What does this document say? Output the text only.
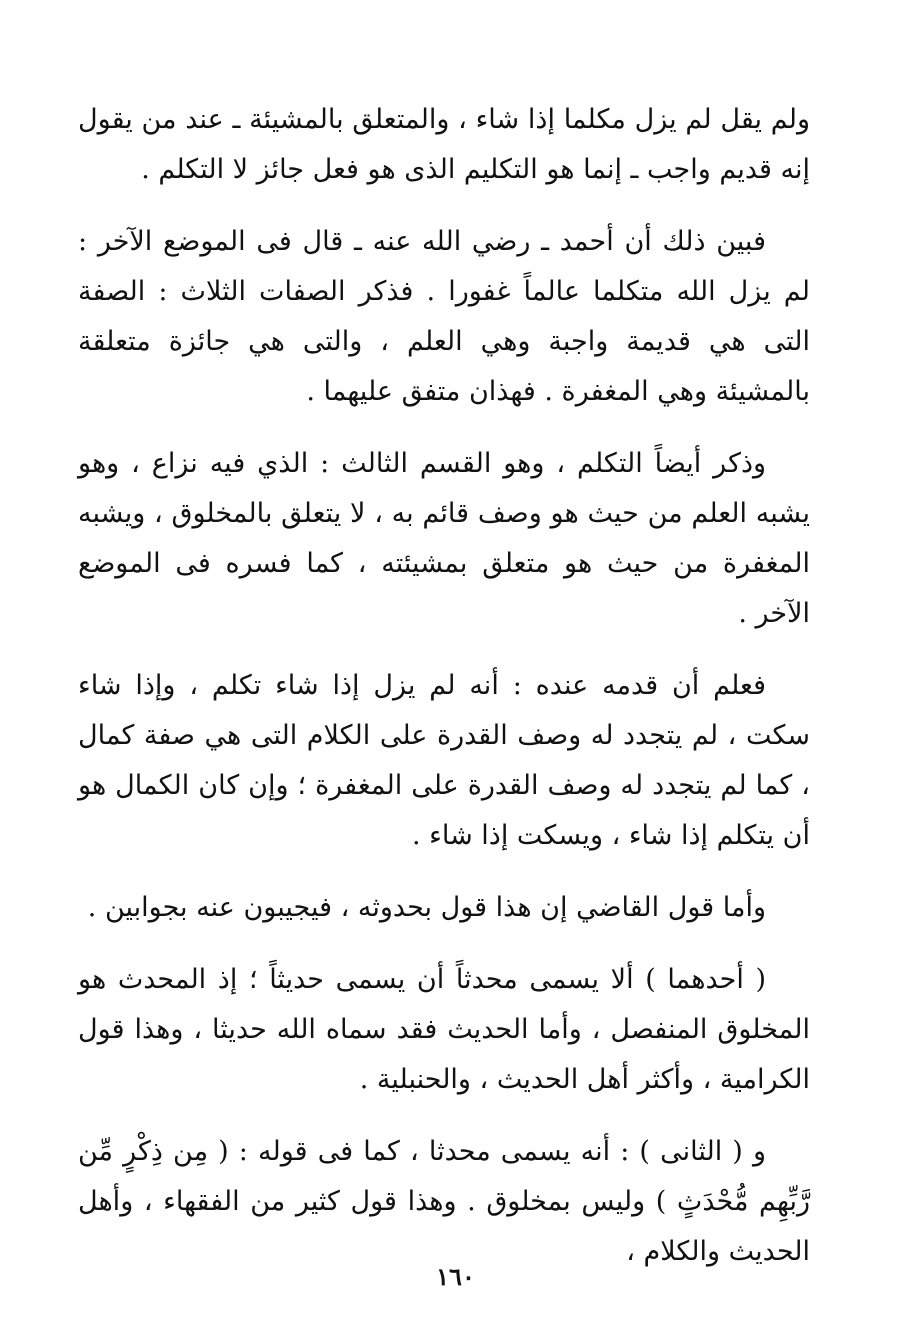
ولم يقل لم يزل مكلما إذا شاء ، والمتعلق بالمشيئة ـ عند من يقول إنه قديم واجب ـ إنما هو التكليم الذى هو فعل جائز لا التكلم .

فبين ذلك أن أحمد ـ رضي الله عنه ـ قال فى الموضع الآخر : لم يزل الله متكلما عالماً غفورا . فذكر الصفات الثلاث : الصفة التى هي قديمة واجبة وهي العلم ، والتى هي جائزة متعلقة بالمشيئة وهي المغفرة . فهذان متفق عليهما .

وذكر أيضاً التكلم ، وهو القسم الثالث : الذي فيه نزاع ، وهو يشبه العلم من حيث هو وصف قائم به ، لا يتعلق بالمخلوق ، ويشبه المغفرة من حيث هو متعلق بمشيئته ، كما فسره فى الموضع الآخر .

فعلم أن قدمه عنده : أنه لم يزل إذا شاء تكلم ، وإذا شاء سكت ، لم يتجدد له وصف القدرة على الكلام التى هي صفة كمال ، كما لم يتجدد له وصف القدرة على المغفرة ؛ وإن كان الكمال هو أن يتكلم إذا شاء ، ويسكت إذا شاء .

وأما قول القاضي إن هذا قول بحدوثه ، فيجيبون عنه بجوابين .

( أحدهما ) ألا يسمى محدثاً أن يسمى حديثاً ؛ إذ المحدث هو المخلوق المنفصل ، وأما الحديث فقد سماه الله حديثا ، وهذا قول الكرامية ، وأكثر أهل الحديث ، والحنبلية .

و ( الثانى ) : أنه يسمى محدثا ، كما فى قوله : ( مِن ذِكْرٍ مِّن رَّبِّهِم مُّحْدَثٍ ) وليس بمخلوق . وهذا قول كثير من الفقهاء ، وأهل الحديث والكلام ،

١٦٠
